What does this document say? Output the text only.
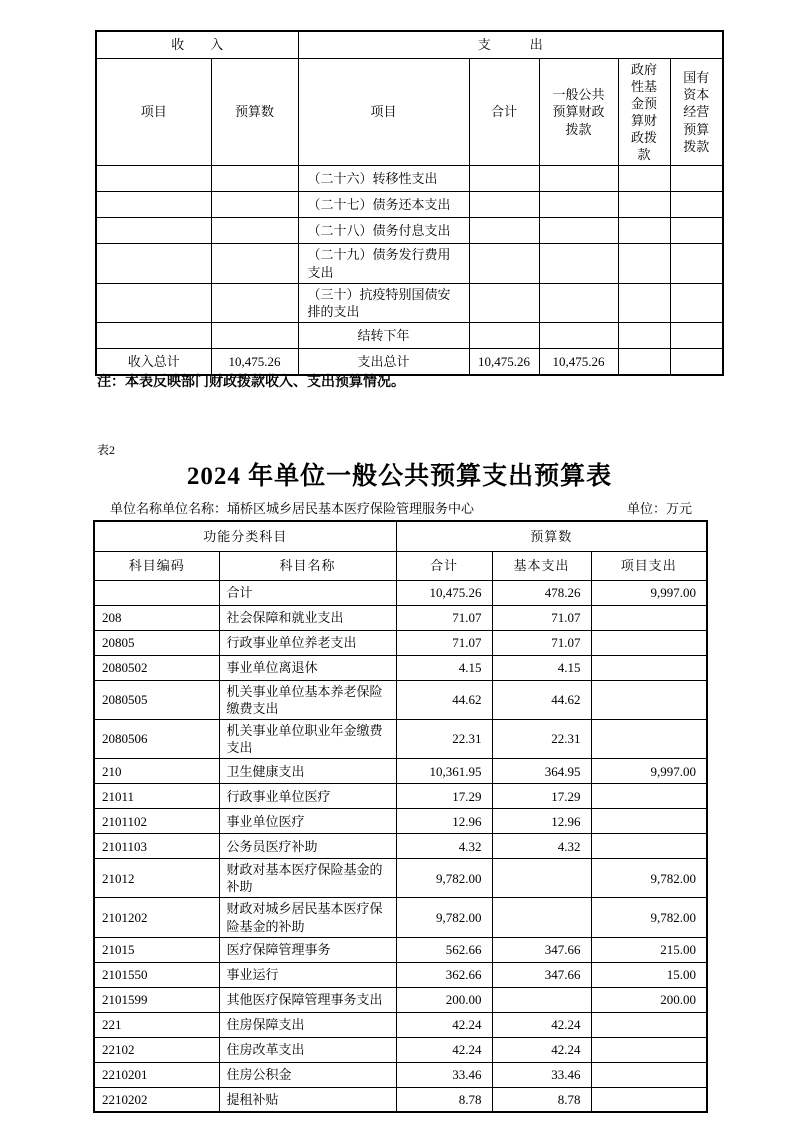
收　　入		支　　　出				
项目	预算数	项目	合计	一般公共预算财政拨款	政府性基金预算财政拨款	国有资本经营预算拨款
		（二十六）转移性支出				
		（二十七）债务还本支出				
		（二十八）债务付息支出				
		（二十九）债务发行费用支出				
		（三十）抗疫特别国债安排的支出				
		结转下年				
收入总计	10,475.26	支出总计	10,475.26	10,475.26		
注：本表反映部门财政拨款收入、支出预算情况。
表2
2024 年单位一般公共预算支出预算表
单位名称单位名称：埇桥区城乡居民基本医疗保险管理服务中心	单位：万元
功能分类科目		预算数		
科目编码	科目名称	合计	基本支出	项目支出
	合计	10,475.26	478.26	9,997.00
208	社会保障和就业支出	71.07	71.07	
20805	行政事业单位养老支出	71.07	71.07	
2080502	事业单位离退休	4.15	4.15	
2080505	机关事业单位基本养老保险缴费支出	44.62	44.62	
2080506	机关事业单位职业年金缴费支出	22.31	22.31	
210	卫生健康支出	10,361.95	364.95	9,997.00
21011	行政事业单位医疗	17.29	17.29	
2101102	事业单位医疗	12.96	12.96	
2101103	公务员医疗补助	4.32	4.32	
21012	财政对基本医疗保险基金的补助	9,782.00		9,782.00
2101202	财政对城乡居民基本医疗保险基金的补助	9,782.00		9,782.00
21015	医疗保障管理事务	562.66	347.66	215.00
2101550	事业运行	362.66	347.66	15.00
2101599	其他医疗保障管理事务支出	200.00		200.00
221	住房保障支出	42.24	42.24	
22102	住房改革支出	42.24	42.24	
2210201	住房公积金	33.46	33.46	
2210202	提租补贴	8.78	8.78	
